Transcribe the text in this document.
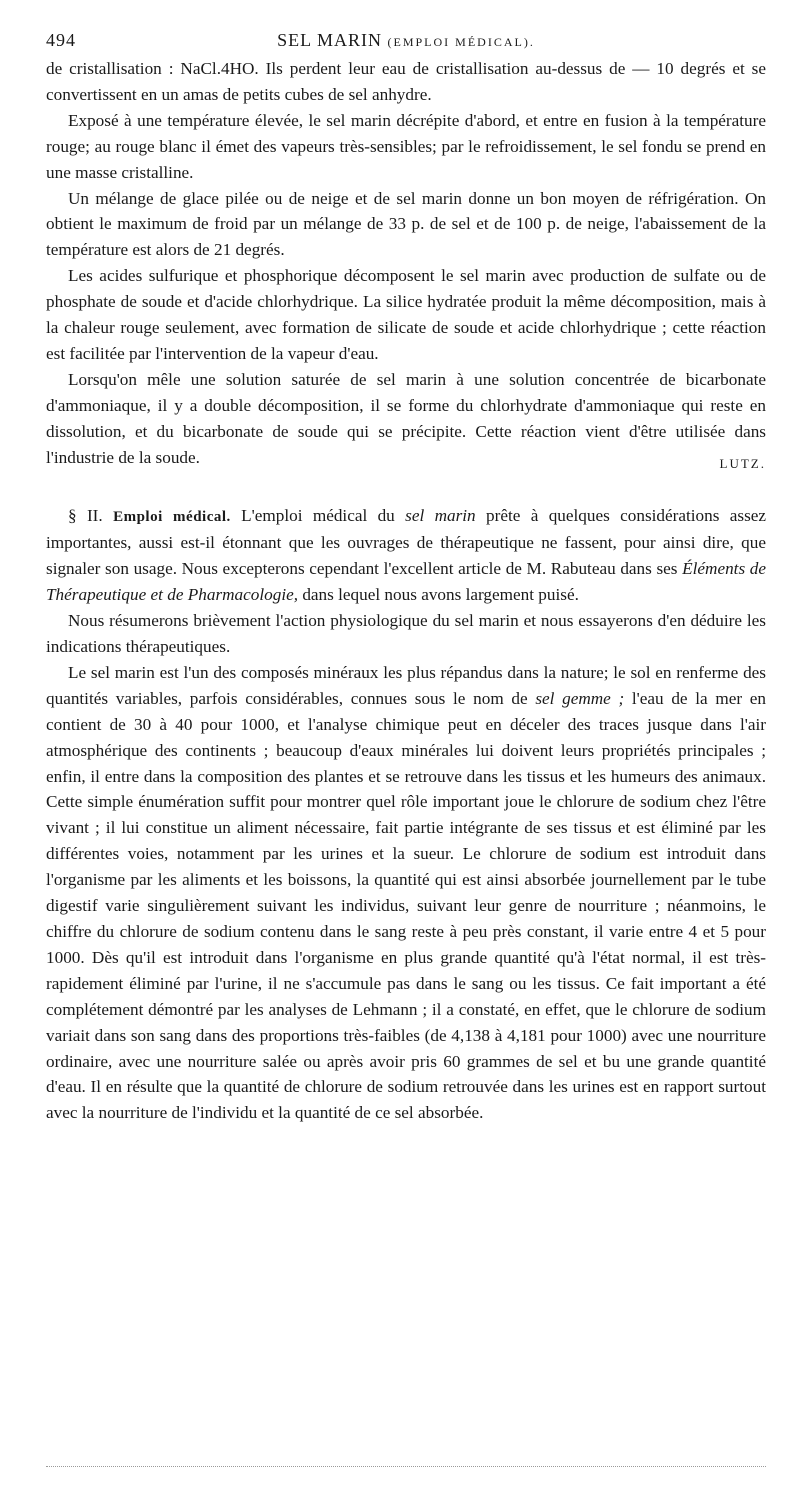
494	SEL MARIN (EMPLOI MÉDICAL).

de cristallisation : NaCl.4HO. Ils perdent leur eau de cristallisation au-dessus de — 10 degrés et se convertissent en un amas de petits cubes de sel anhydre.

Exposé à une température élevée, le sel marin décrépite d'abord, et entre en fusion à la température rouge; au rouge blanc il émet des vapeurs très-sensibles; par le refroidissement, le sel fondu se prend en une masse cristalline.

Un mélange de glace pilée ou de neige et de sel marin donne un bon moyen de réfrigération. On obtient le maximum de froid par un mélange de 33 p. de sel et de 100 p. de neige, l'abaissement de la température est alors de 21 degrés.

Les acides sulfurique et phosphorique décomposent le sel marin avec production de sulfate ou de phosphate de soude et d'acide chlorhydrique. La silice hydratée produit la même décomposition, mais à la chaleur rouge seulement, avec formation de silicate de soude et acide chlorhydrique ; cette réaction est facilitée par l'intervention de la vapeur d'eau.

Lorsqu'on mêle une solution saturée de sel marin à une solution concentrée de bicarbonate d'ammoniaque, il y a double décomposition, il se forme du chlorhydrate d'ammoniaque qui reste en dissolution, et du bicarbonate de soude qui se précipite. Cette réaction vient d'être utilisée dans l'industrie de la soude.	LUTZ.

§ II. Emploi médical. L'emploi médical du sel marin prête à quelques considérations assez importantes, aussi est-il étonnant que les ouvrages de thérapeutique ne fassent, pour ainsi dire, que signaler son usage. Nous excepterons cependant l'excellent article de M. Rabuteau dans ses Éléments de Thérapeutique et de Pharmacologie, dans lequel nous avons largement puisé.

Nous résumerons brièvement l'action physiologique du sel marin et nous essayerons d'en déduire les indications thérapeutiques.

Le sel marin est l'un des composés minéraux les plus répandus dans la nature; le sol en renferme des quantités variables, parfois considérables, connues sous le nom de sel gemme ; l'eau de la mer en contient de 30 à 40 pour 1000, et l'analyse chimique peut en déceler des traces jusque dans l'air atmosphérique des continents ; beaucoup d'eaux minérales lui doivent leurs propriétés principales ; enfin, il entre dans la composition des plantes et se retrouve dans les tissus et les humeurs des animaux. Cette simple énumération suffit pour montrer quel rôle important joue le chlorure de sodium chez l'être vivant ; il lui constitue un aliment nécessaire, fait partie intégrante de ses tissus et est éliminé par les différentes voies, notamment par les urines et la sueur. Le chlorure de sodium est introduit dans l'organisme par les aliments et les boissons, la quantité qui est ainsi absorbée journellement par le tube digestif varie singulièrement suivant les individus, suivant leur genre de nourriture ; néanmoins, le chiffre du chlorure de sodium contenu dans le sang reste à peu près constant, il varie entre 4 et 5 pour 1000. Dès qu'il est introduit dans l'organisme en plus grande quantité qu'à l'état normal, il est très-rapidement éliminé par l'urine, il ne s'accumule pas dans le sang ou les tissus. Ce fait important a été complétement démontré par les analyses de Lehmann ; il a constaté, en effet, que le chlorure de sodium variait dans son sang dans des proportions très-faibles (de 4,138 à 4,181 pour 1000) avec une nourriture ordinaire, avec une nourriture salée ou après avoir pris 60 grammes de sel et bu une grande quantité d'eau. Il en résulte que la quantité de chlorure de sodium retrouvée dans les urines est en rapport surtout avec la nourriture de l'individu et la quantité de ce sel absorbée.
